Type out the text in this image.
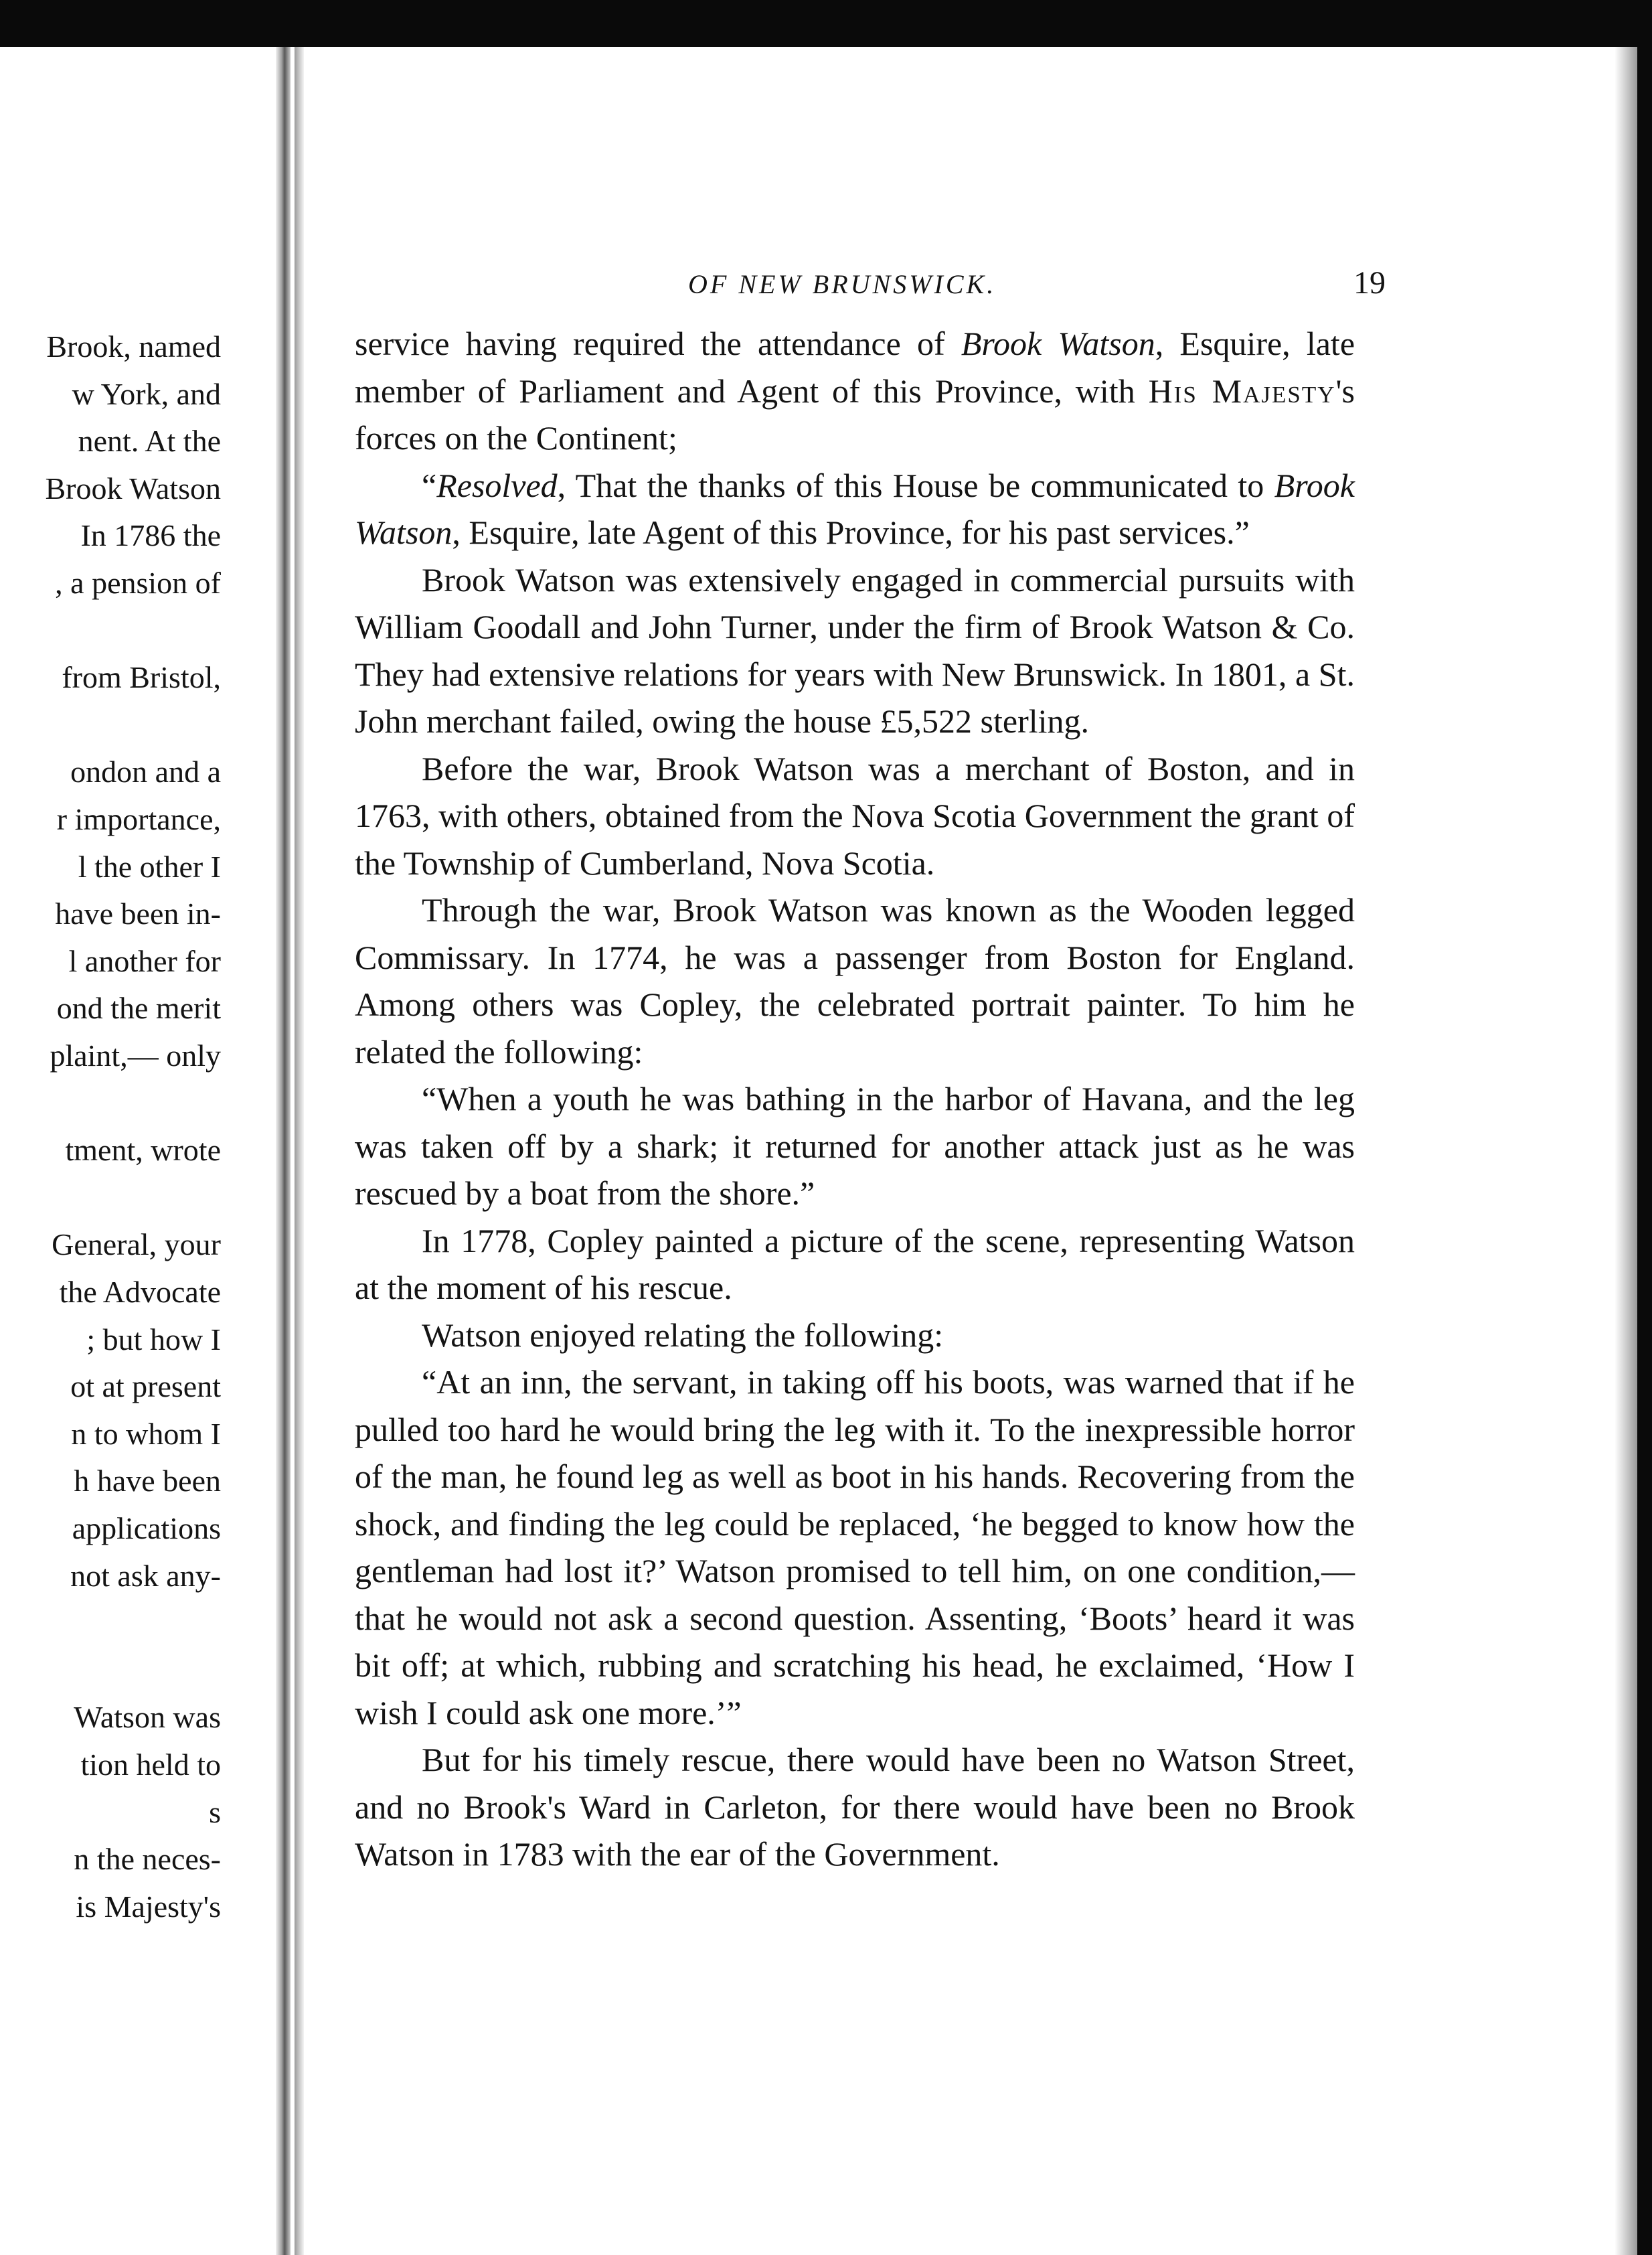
Brook, named
w York, and
nent. At the
Brook Watson
In 1786 the
, a pension of
from Bristol,
ondon and a
r importance,
l the other I
have been in-
l another for
ond the merit
plaint,— only
tment, wrote
General, your
the Advocate
; but how I
ot at present
n to whom I
h have been
applications
not ask any-
Watson was
tion held to
s
n the neces-
is Majesty's
OF NEW BRUNSWICK.	19

service having required the attendance of Brook Watson, Esquire, late member of Parliament and Agent of this Province, with His Majesty's forces on the Continent;

“Resolved, That the thanks of this House be communicated to Brook Watson, Esquire, late Agent of this Province, for his past services.”

Brook Watson was extensively engaged in commercial pursuits with William Goodall and John Turner, under the firm of Brook Watson & Co. They had extensive relations for years with New Brunswick. In 1801, a St. John merchant failed, owing the house £5,522 sterling.

Before the war, Brook Watson was a merchant of Boston, and in 1763, with others, obtained from the Nova Scotia Government the grant of the Township of Cumberland, Nova Scotia.

Through the war, Brook Watson was known as the Wooden legged Commissary. In 1774, he was a passenger from Boston for England. Among others was Copley, the celebrated portrait painter. To him he related the following:

“When a youth he was bathing in the harbor of Havana, and the leg was taken off by a shark; it returned for another attack just as he was rescued by a boat from the shore.”

In 1778, Copley painted a picture of the scene, representing Watson at the moment of his rescue.

Watson enjoyed relating the following:

“At an inn, the servant, in taking off his boots, was warned that if he pulled too hard he would bring the leg with it. To the inexpressible horror of the man, he found leg as well as boot in his hands. Recovering from the shock, and finding the leg could be replaced, ‘he begged to know how the gentleman had lost it?’ Watson promised to tell him, on one condition,—that he would not ask a second question. Assenting, ‘Boots’ heard it was bit off; at which, rubbing and scratching his head, he exclaimed, ‘How I wish I could ask one more.’”

But for his timely rescue, there would have been no Watson Street, and no Brook's Ward in Carleton, for there would have been no Brook Watson in 1783 with the ear of the Government.
